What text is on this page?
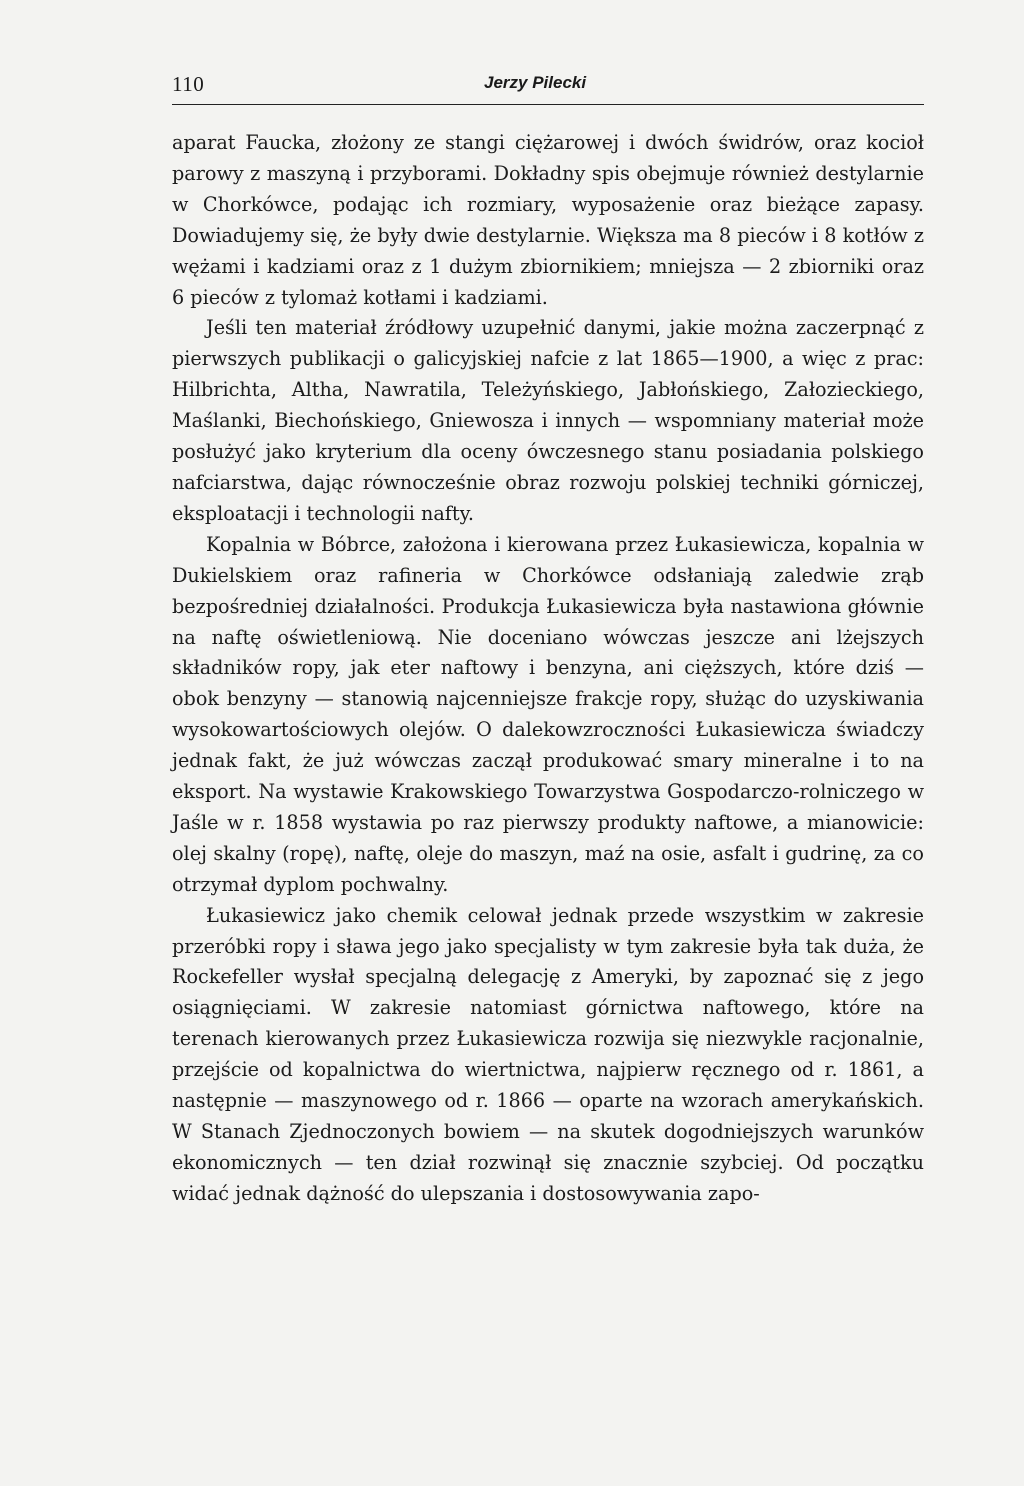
110	Jerzy Pilecki

aparat Faucka, złożony ze stangi ciężarowej i dwóch świdrów, oraz kocioł parowy z maszyną i przyborami. Dokładny spis obejmuje również destylarnie w Chorkówce, podając ich rozmiary, wyposażenie oraz bieżące zapasy. Dowiadujemy się, że były dwie destylarnie. Większa ma 8 pieców i 8 kotłów z wężami i kadziami oraz z 1 dużym zbiornikiem; mniejsza — 2 zbiorniki oraz 6 pieców z tylomaż kotłami i kadziami.

Jeśli ten materiał źródłowy uzupełnić danymi, jakie można zaczerpnąć z pierwszych publikacji o galicyjskiej nafcie z lat 1865—1900, a więc z prac: Hilbrichta, Altha, Nawratila, Teleżyńskiego, Jabłońskiego, Załozieckiego, Maślanki, Biechońskiego, Gniewosza i innych — wspomniany materiał może posłużyć jako kryterium dla oceny ówczesnego stanu posiadania polskiego nafciarstwa, dając równocześnie obraz rozwoju polskiej techniki górniczej, eksploatacji i technologii nafty.

Kopalnia w Bóbrce, założona i kierowana przez Łukasiewicza, kopalnia w Dukielskiem oraz rafineria w Chorkówce odsłaniają zaledwie zrąb bezpośredniej działalności. Produkcja Łukasiewicza była nastawiona głównie na naftę oświetleniową. Nie doceniano wówczas jeszcze ani lżejszych składników ropy, jak eter naftowy i benzyna, ani cięższych, które dziś — obok benzyny — stanowią najcenniejsze frakcje ropy, służąc do uzyskiwania wysokowartościowych olejów. O dalekowzroczności Łukasiewicza świadczy jednak fakt, że już wówczas zaczął produkować smary mineralne i to na eksport. Na wystawie Krakowskiego Towarzystwa Gospodarczo-rolniczego w Jaśle w r. 1858 wystawia po raz pierwszy produkty naftowe, a mianowicie: olej skalny (ropę), naftę, oleje do maszyn, maź na osie, asfalt i gudrinę, za co otrzymał dyplom pochwalny.

Łukasiewicz jako chemik celował jednak przede wszystkim w zakresie przeróbki ropy i sława jego jako specjalisty w tym zakresie była tak duża, że Rockefeller wysłał specjalną delegację z Ameryki, by zapoznać się z jego osiągnięciami. W zakresie natomiast górnictwa naftowego, które na terenach kierowanych przez Łukasiewicza rozwija się niezwykle racjonalnie, przejście od kopalnictwa do wiertnictwa, najpierw ręcznego od r. 1861, a następnie — maszynowego od r. 1866 — oparte na wzorach amerykańskich. W Stanach Zjednoczonych bowiem — na skutek dogodniejszych warunków ekonomicznych — ten dział rozwinął się znacznie szybciej. Od początku widać jednak dążność do ulepszania i dostosowywania zapo-
